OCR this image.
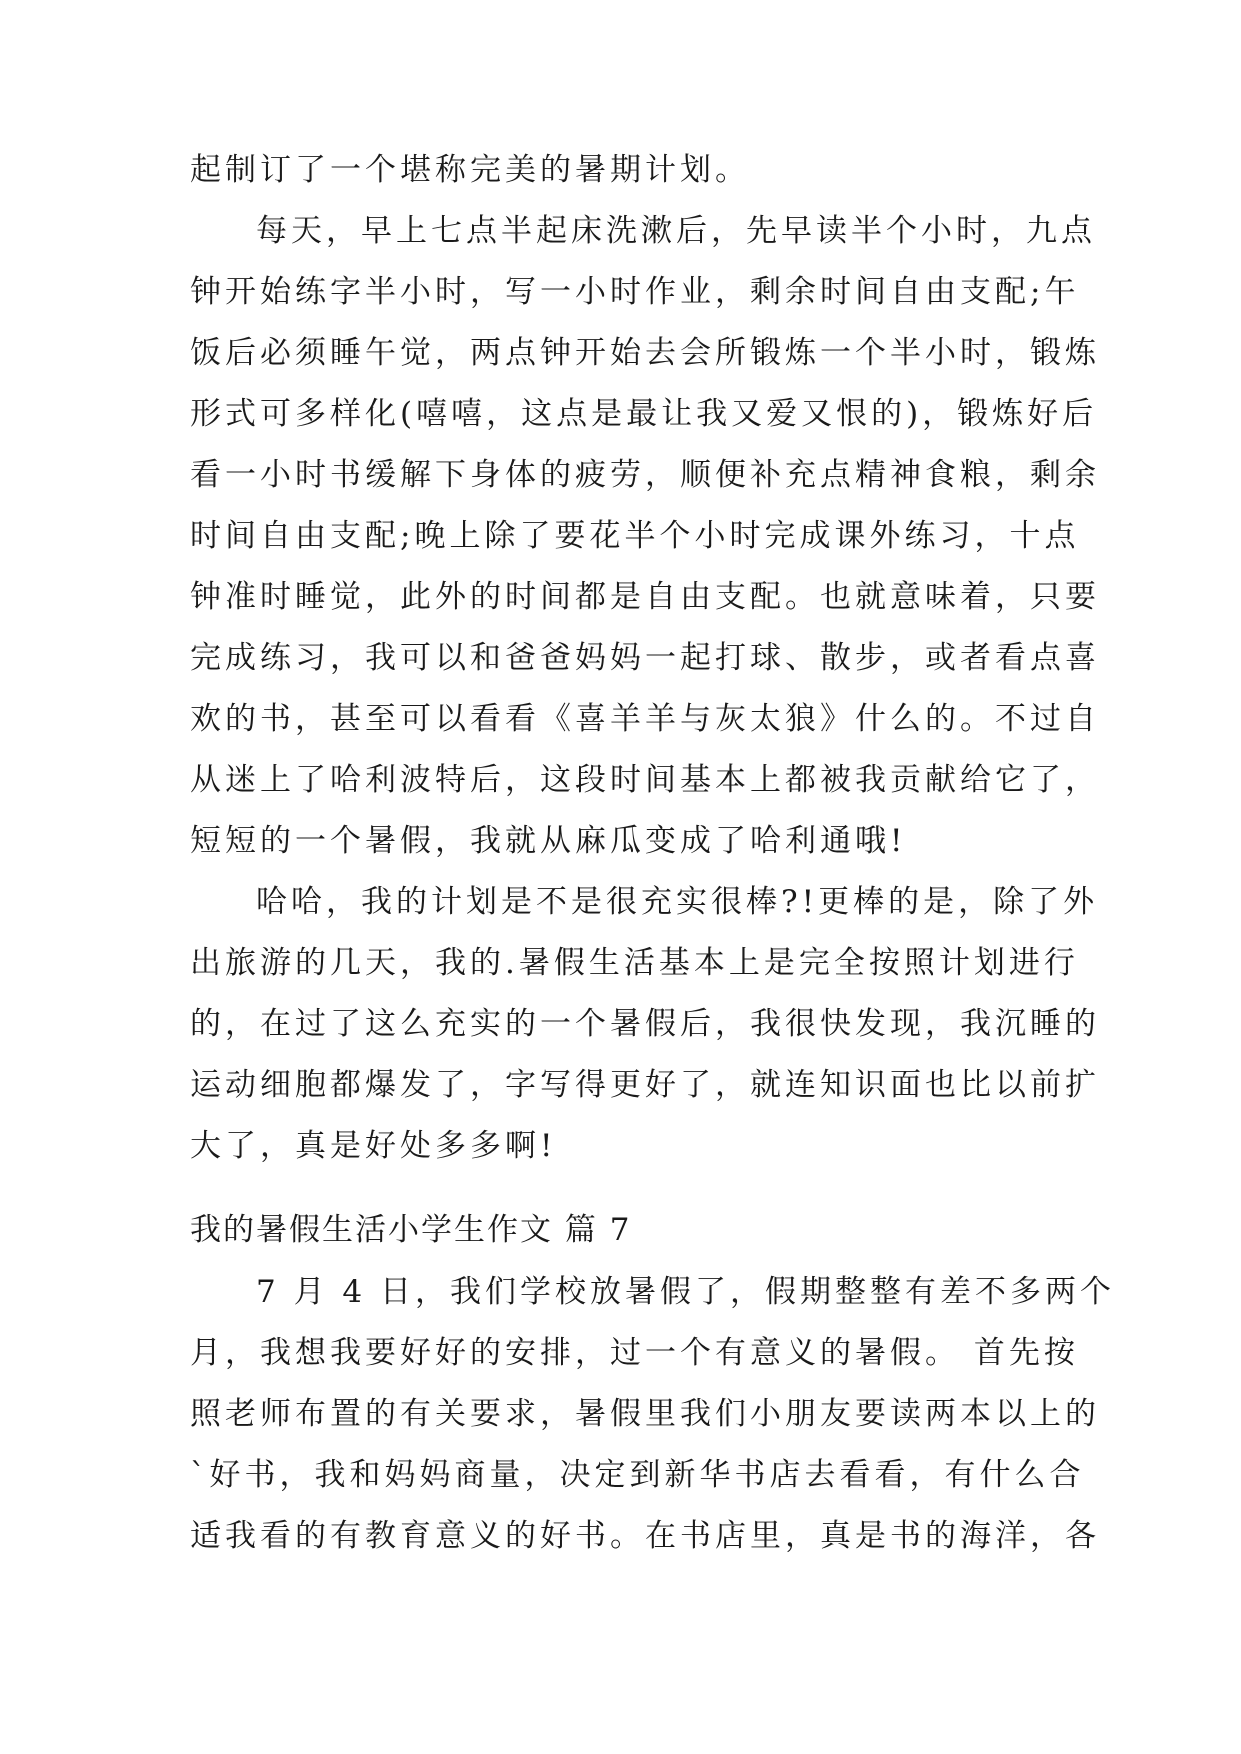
起制订了一个堪称完美的暑期计划。
每天，早上七点半起床洗漱后，先早读半个小时，九点
钟开始练字半小时，写一小时作业，剩余时间自由支配;午
饭后必须睡午觉，两点钟开始去会所锻炼一个半小时，锻炼
形式可多样化(嘻嘻，这点是最让我又爱又恨的)，锻炼好后
看一小时书缓解下身体的疲劳，顺便补充点精神食粮，剩余
时间自由支配;晚上除了要花半个小时完成课外练习，十点
钟准时睡觉，此外的时间都是自由支配。也就意味着，只要
完成练习，我可以和爸爸妈妈一起打球、散步，或者看点喜
欢的书，甚至可以看看《喜羊羊与灰太狼》什么的。不过自
从迷上了哈利波特后，这段时间基本上都被我贡献给它了，
短短的一个暑假，我就从麻瓜变成了哈利通哦!
哈哈，我的计划是不是很充实很棒?!更棒的是，除了外
出旅游的几天，我的.暑假生活基本上是完全按照计划进行
的，在过了这么充实的一个暑假后，我很快发现，我沉睡的
运动细胞都爆发了，字写得更好了，就连知识面也比以前扩
大了，真是好处多多啊!
我的暑假生活小学生作文 篇 7
7 月 4 日，我们学校放暑假了，假期整整有差不多两个
月，我想我要好好的安排，过一个有意义的暑假。 首先按
照老师布置的有关要求，暑假里我们小朋友要读两本以上的
`好书，我和妈妈商量，决定到新华书店去看看，有什么合
适我看的有教育意义的好书。在书店里，真是书的海洋，各
